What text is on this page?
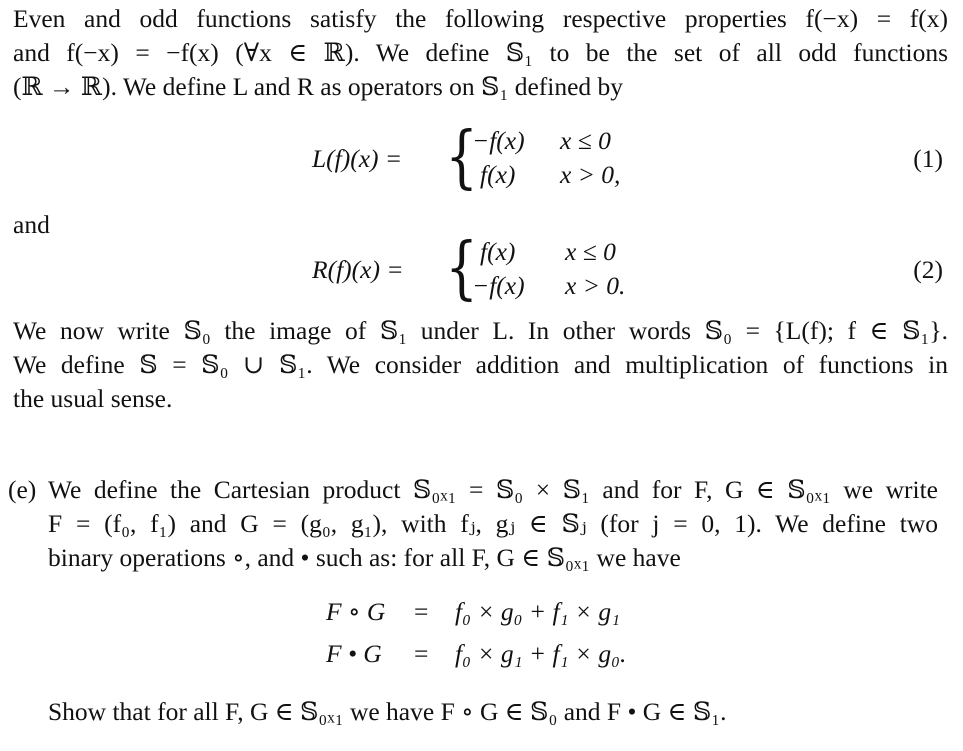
Even and odd functions satisfy the following respective properties f(−x) = f(x)
and f(−x) = −f(x) (∀x ∈ ℝ). We define 𝕊₁ to be the set of all odd functions
(ℝ → ℝ). We define L and R as operators on 𝕊₁ defined by
L(f)(x) = {
−f(x) x ≤ 0
f(x) x > 0,
(1)
and
R(f)(x) = { f(x) x ≤ 0
−f(x) x > 0.
(2)
We now write 𝕊₀ the image of 𝕊₁ under L. In other words 𝕊₀ = {L(f); f ∈ 𝕊₁}.
We define 𝕊 = 𝕊₀ ∪ 𝕊₁. We consider addition and multiplication of functions in
the usual sense.
(e) We define the Cartesian product 𝕊₀ₓ₁ = 𝕊₀ × 𝕊₁ and for F, G ∈ 𝕊₀ₓ₁ we write
F = (f₀, f₁) and G = (g₀, g₁), with fⱼ, gⱼ ∈ 𝕊ⱼ (for j = 0, 1). We define two
binary operations ∘, and • such as: for all F, G ∈ 𝕊₀ₓ₁ we have
F ∘ G = f₀ × g₀ + f₁ × g₁
F • G = f₀ × g₁ + f₁ × g₀.
Show that for all F, G ∈ 𝕊₀ₓ₁ we have F ∘ G ∈ 𝕊₀ and F • G ∈ 𝕊₁.
